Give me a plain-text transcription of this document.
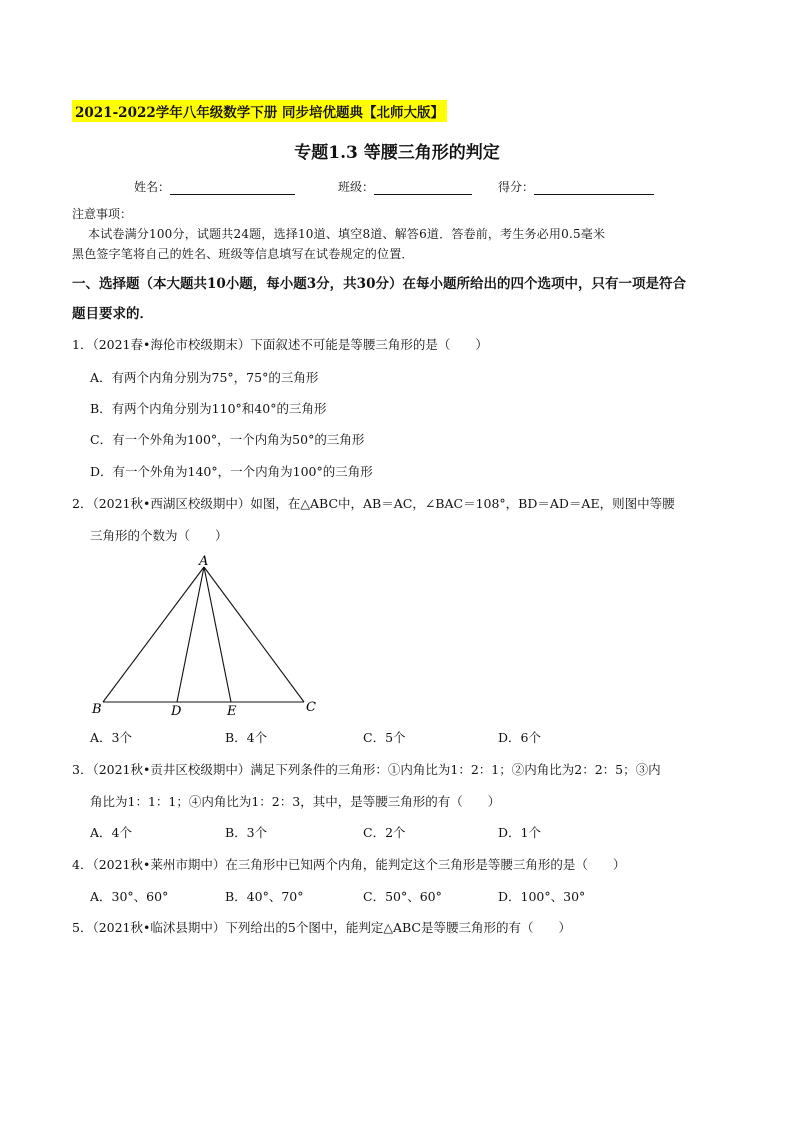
2021-2022学年八年级数学下册 同步培优题典【北师大版】
专题1.3 等腰三角形的判定
姓名：	班级：	得分：
注意事项：
本试卷满分100分，试题共24题，选择10道、填空8道、解答6道．答卷前，考生务必用0.5毫米
黑色签字笔将自己的姓名、班级等信息填写在试卷规定的位置．
一、选择题（本大题共10小题，每小题3分，共30分）在每小题所给出的四个选项中，只有一项是符合
题目要求的．
1．（2021春•海伦市校级期末）下面叙述不可能是等腰三角形的是（　　）
A．有两个内角分别为75°，75°的三角形
B．有两个内角分别为110°和40°的三角形
C．有一个外角为100°，一个内角为50°的三角形
D．有一个外角为140°，一个内角为100°的三角形
2．（2021秋•西湖区校级期中）如图，在△ABC中，AB＝AC，∠BAC＝108°，BD＝AD＝AE，则图中等腰
三角形的个数为（　　）
A
B	C
D	E
A．3个	B．4个	C．5个	D．6个
3．（2021秋•贡井区校级期中）满足下列条件的三角形：①内角比为1：2：1；②内角比为2：2：5；③内
角比为1：1：1；④内角比为1：2：3，其中，是等腰三角形的有（　　）
A．4个	B．3个	C．2个	D．1个
4．（2021秋•莱州市期中）在三角形中已知两个内角，能判定这个三角形是等腰三角形的是（　　）
A．30°、60°	B．40°、70°	C．50°、60°	D．100°、30°
5．（2021秋•临沭县期中）下列给出的5个图中，能判定△ABC是等腰三角形的有（　　）
